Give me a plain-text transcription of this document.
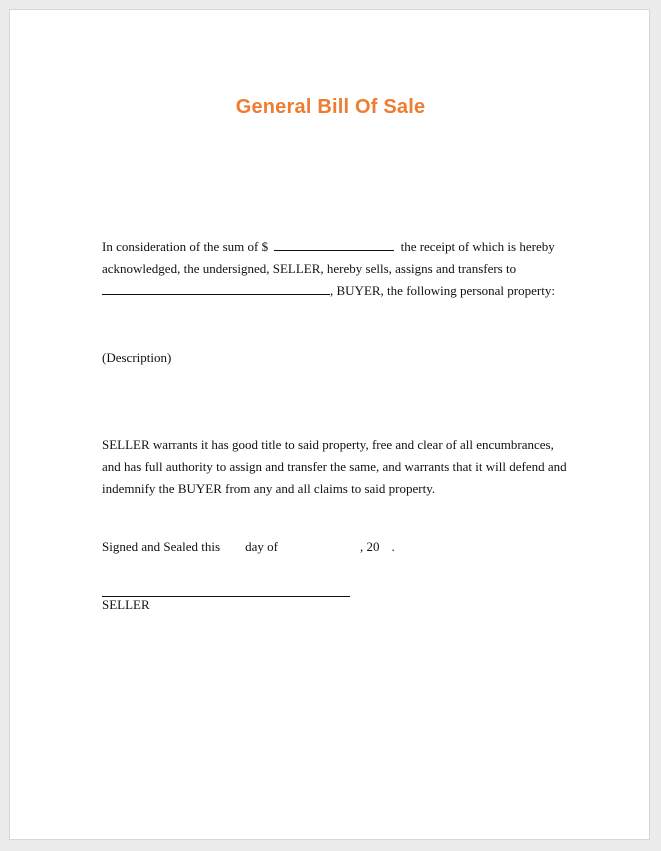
General Bill Of Sale
In consideration of the sum of $	the receipt of which is hereby
acknowledged, the undersigned, SELLER, hereby sells, assigns and transfers to
, BUYER, the following personal property:
(Description)
SELLER warrants it has good title to said property, free and clear of all encumbrances,
and has full authority to assign and transfer the same, and warrants that it will defend and
indemnify the BUYER from any and all claims to said property.
Signed and Sealed this day of	, 20 .
SELLER
